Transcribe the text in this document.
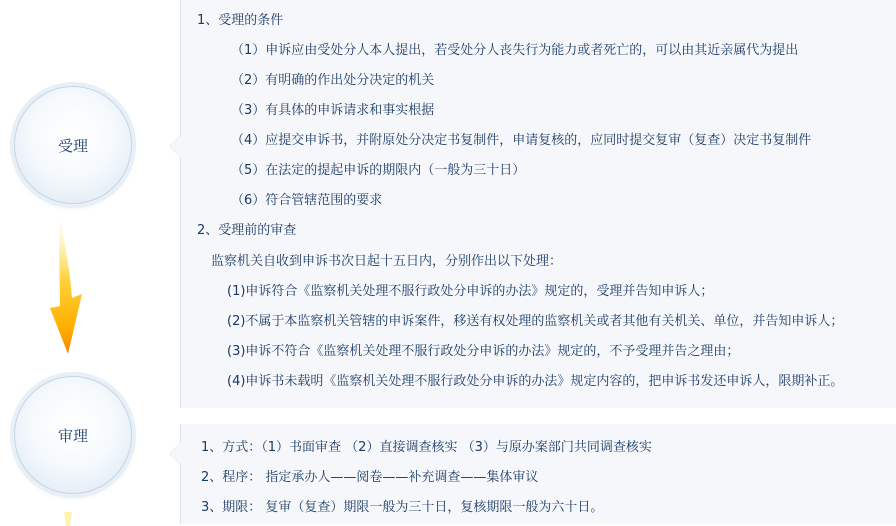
受理
审理
1、受理的条件
（1）申诉应由受处分人本人提出，若受处分人丧失行为能力或者死亡的，可以由其近亲属代为提出
（2）有明确的作出处分决定的机关
（3）有具体的申诉请求和事实根据
（4）应提交申诉书，并附原处分决定书复制件，申请复核的，应同时提交复审（复查）决定书复制件
（5）在法定的提起申诉的期限内（一般为三十日）
（6）符合管辖范围的要求
2、受理前的审查
监察机关自收到申诉书次日起十五日内，分别作出以下处理：
(1)申诉符合《监察机关处理不服行政处分申诉的办法》规定的，受理并告知申诉人；
(2)不属于本监察机关管辖的申诉案件，移送有权处理的监察机关或者其他有关机关、单位，并告知申诉人；
(3)申诉不符合《监察机关处理不服行政处分申诉的办法》规定的，不予受理并告之理由；
(4)申诉书未载明《监察机关处理不服行政处分申诉的办法》规定内容的，把申诉书发还申诉人，限期补正。
1、方式：（1）书面审查 （2）直接调查核实 （3）与原办案部门共同调查核实
2、程序： 指定承办人——阅卷——补充调查——集体审议
3、期限： 复审（复查）期限一般为三十日，复核期限一般为六十日。
